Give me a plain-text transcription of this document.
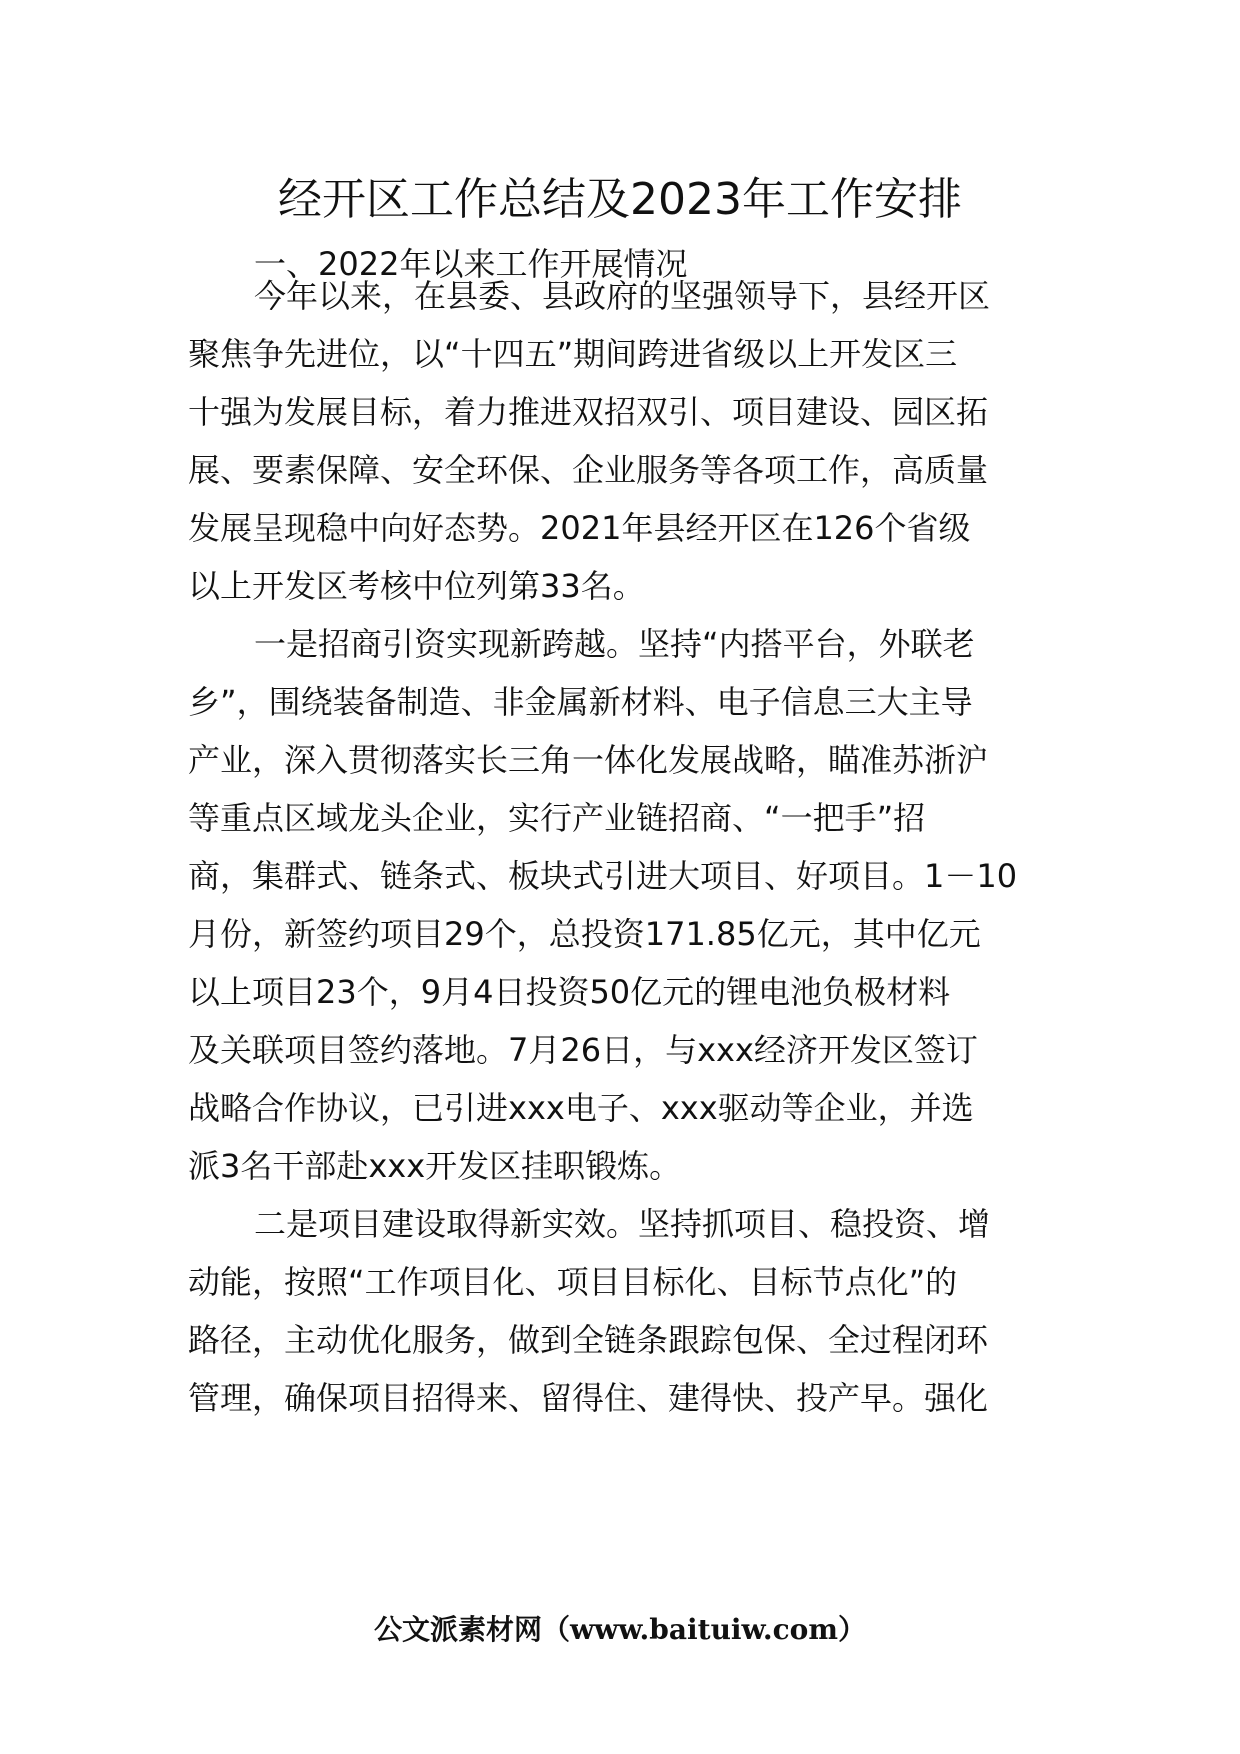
经开区工作总结及2023年工作安排

一、2022年以来工作开展情况

今年以来，在县委、县政府的坚强领导下，县经开区

聚焦争先进位，以“十四五”期间跨进省级以上开发区三

十强为发展目标，着力推进双招双引、项目建设、园区拓

展、要素保障、安全环保、企业服务等各项工作，高质量

发展呈现稳中向好态势。2021年县经开区在126个省级

以上开发区考核中位列第33名。

一是招商引资实现新跨越。坚持“内搭平台，外联老

乡”，围绕装备制造、非金属新材料、电子信息三大主导

产业，深入贯彻落实长三角一体化发展战略，瞄准苏浙沪

等重点区域龙头企业，实行产业链招商、“一把手”招

商，集群式、链条式、板块式引进大项目、好项目。1－10

月份，新签约项目29个，总投资171.85亿元，其中亿元

以上项目23个，9月4日投资50亿元的锂电池负极材料

及关联项目签约落地。7月26日，与xxx经济开发区签订

战略合作协议，已引进xxx电子、xxx驱动等企业，并选

派3名干部赴xxx开发区挂职锻炼。

二是项目建设取得新实效。坚持抓项目、稳投资、增

动能，按照“工作项目化、项目目标化、目标节点化”的

路径，主动优化服务，做到全链条跟踪包保、全过程闭环

管理，确保项目招得来、留得住、建得快、投产早。强化

公文派素材网（www.baituiw.com）
